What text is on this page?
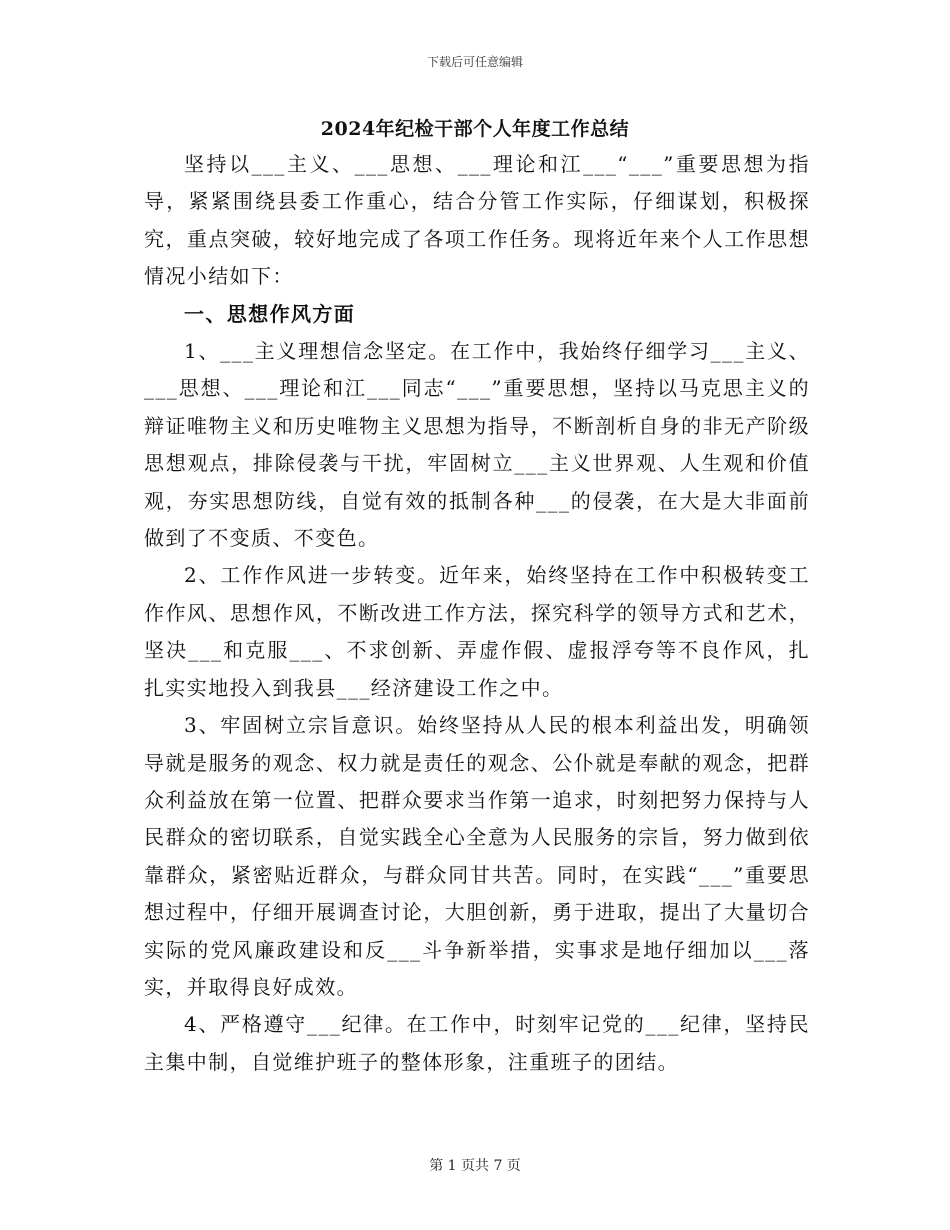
下载后可任意编辑
2024年纪检干部个人年度工作总结

坚持以___主义、___思想、___理论和江___“___”重要思想为指导，紧紧围绕县委工作重心，结合分管工作实际，仔细谋划，积极探究，重点突破，较好地完成了各项工作任务。现将近年来个人工作思想情况小结如下：

一、思想作风方面

1、___主义理想信念坚定。在工作中，我始终仔细学习___主义、___思想、___理论和江___同志“___”重要思想，坚持以马克思主义的辩证唯物主义和历史唯物主义思想为指导，不断剖析自身的非无产阶级思想观点，排除侵袭与干扰，牢固树立___主义世界观、人生观和价值观，夯实思想防线，自觉有效的抵制各种___的侵袭，在大是大非面前做到了不变质、不变色。

2、工作作风进一步转变。近年来，始终坚持在工作中积极转变工作作风、思想作风，不断改进工作方法，探究科学的领导方式和艺术，坚决___和克服___、不求创新、弄虚作假、虚报浮夸等不良作风，扎扎实实地投入到我县___经济建设工作之中。

3、牢固树立宗旨意识。始终坚持从人民的根本利益出发，明确领导就是服务的观念、权力就是责任的观念、公仆就是奉献的观念，把群众利益放在第一位置、把群众要求当作第一追求，时刻把努力保持与人民群众的密切联系，自觉实践全心全意为人民服务的宗旨，努力做到依靠群众，紧密贴近群众，与群众同甘共苦。同时，在实践“___”重要思想过程中，仔细开展调查讨论，大胆创新，勇于进取，提出了大量切合实际的党风廉政建设和反___斗争新举措，实事求是地仔细加以___落实，并取得良好成效。

4、严格遵守___纪律。在工作中，时刻牢记党的___纪律，坚持民主集中制，自觉维护班子的整体形象，注重班子的团结。

第 1 页共 7 页
